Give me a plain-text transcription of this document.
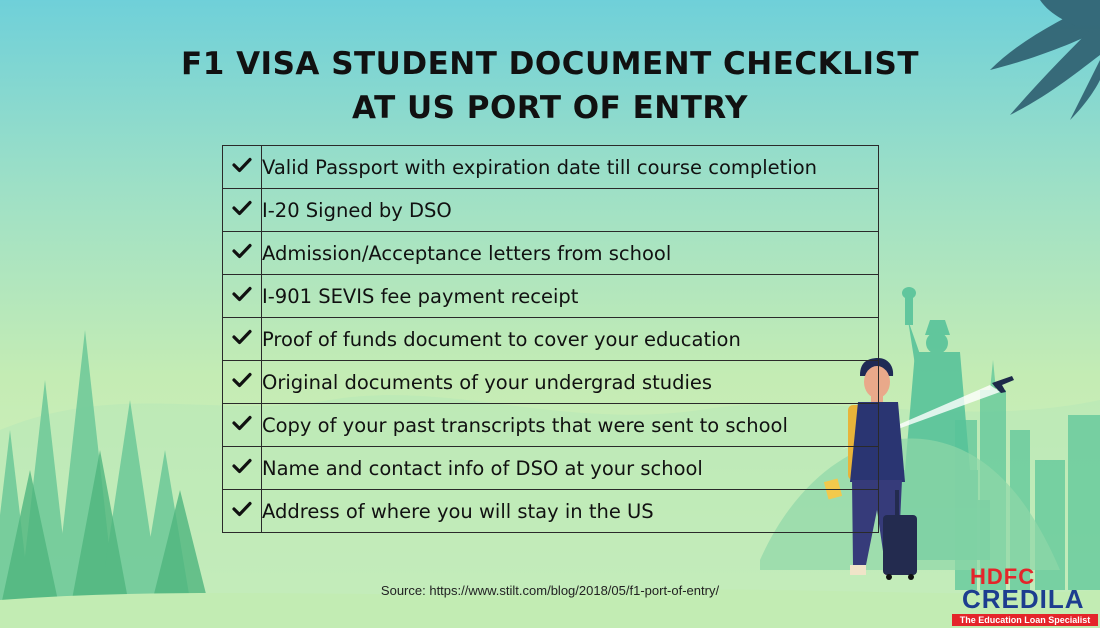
F1 VISA STUDENT DOCUMENT CHECKLIST
AT US PORT OF ENTRY
	Valid Passport with expiration date till course completion
	I-20 Signed by DSO
	Admission/Acceptance letters from school
	I-901 SEVIS fee payment receipt
	Proof of funds document to cover your education
	Original documents of your undergrad studies
	Copy of your past transcripts that were sent to school
	Name and contact info of DSO at your school
	Address of where you will stay in the US
Source: https://www.stilt.com/blog/2018/05/f1-port-of-entry/
HDFC
CREDILA
The Education Loan Specialist
